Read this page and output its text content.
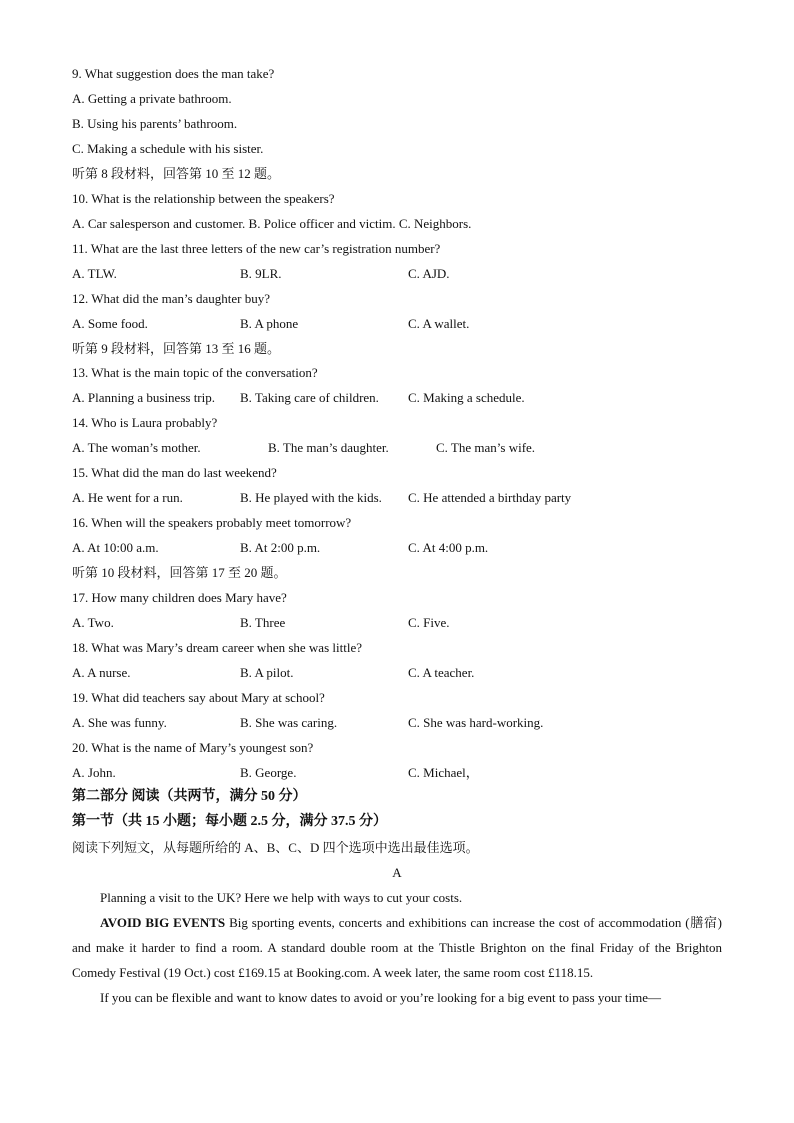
9. What suggestion does the man take?
A. Getting a private bathroom.
B. Using his parents’ bathroom.
C. Making a schedule with his sister.
听第 8 段材料，回答第 10 至 12 题。
10. What is the relationship between the speakers?
A. Car salesperson and customer. B. Police officer and victim. C. Neighbors.
11. What are the last three letters of the new car’s registration number?
A. TLW.	B. 9LR.	C. AJD.
12. What did the man’s daughter buy?
A. Some food.	B. A phone	C. A wallet.
听第 9 段材料，回答第 13 至 16 题。
13. What is the main topic of the conversation?
A. Planning a business trip. B. Taking care of children. C. Making a schedule.
14. Who is Laura probably?
A. The woman’s mother.	B. The man’s daughter.	C. The man’s wife.
15. What did the man do last weekend?
A. He went for a run.	B. He played with the kids. C. He attended a birthday party
16. When will the speakers probably meet tomorrow?
A. At 10:00 a.m.	B. At 2:00 p.m.	C. At 4:00 p.m.
听第 10 段材料，回答第 17 至 20 题。
17. How many children does Mary have?
A. Two.	B. Three	C. Five.
18. What was Mary’s dream career when she was little?
A. A nurse.	B. A pilot.	C. A teacher.
19. What did teachers say about Mary at school?
A. She was funny.	B. She was caring.	C. She was hard-working.
20. What is the name of Mary’s youngest son?
A. John.	B. George.	C. Michael，
第二部分 阅读（共两节，满分 50 分）
第一节（共 15 小题；每小题 2.5 分，满分 37.5 分）
阅读下列短文，从每题所给的 A、B、C、D 四个选项中选出最佳选项。
A
Planning a visit to the UK? Here we help with ways to cut your costs.
AVOID BIG EVENTS Big sporting events, concerts and exhibitions can increase the cost of accommodation (膳宿) and make it harder to find a room. A standard double room at the Thistle Brighton on the final Friday of the Brighton Comedy Festival (19 Oct.) cost £169.15 at Booking.com. A week later, the same room cost £118.15.
If you can be flexible and want to know dates to avoid or you’re looking for a big event to pass your time—
